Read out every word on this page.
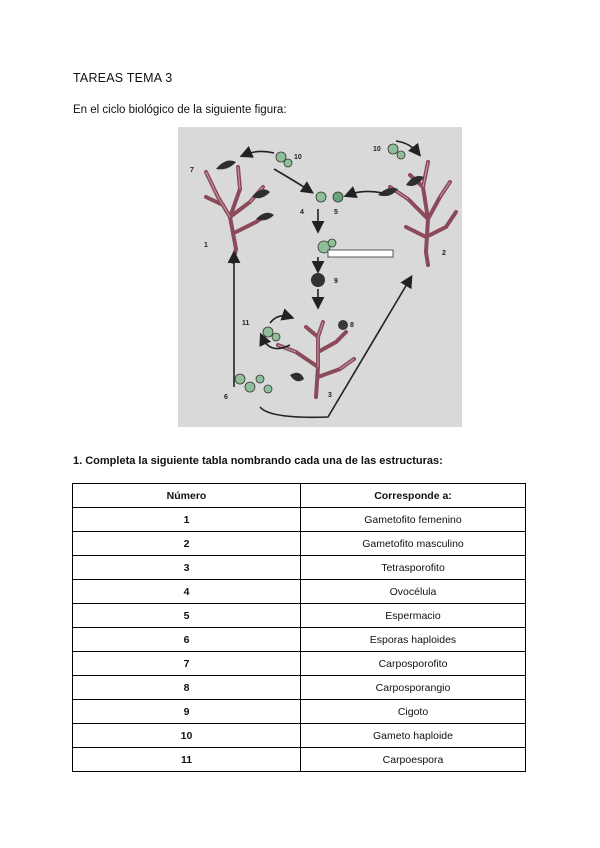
TAREAS TEMA 3
En el ciclo biológico de la siguiente figura:
1
2
3
4	5
6
7
8
9
10
10
11
1. Completa la siguiente tabla nombrando cada una de las estructuras:
Número	Corresponde a:
1	Gametofito femenino
2	Gametofito masculino
3	Tetrasporofito
4	Ovocélula
5	Espermacio
6	Esporas haploides
7	Carposporofito
8	Carposporangio
9	Cigoto
10	Gameto haploide
11	Carpoespora
